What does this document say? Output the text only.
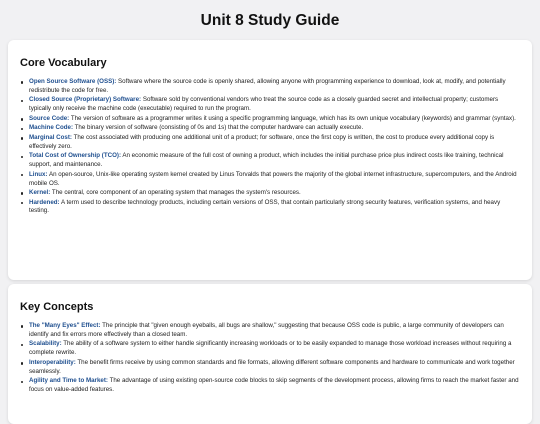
Unit 8 Study Guide
Core Vocabulary
Open Source Software (OSS): Software where the source code is openly shared, allowing anyone with programming experience to download, look at, modify, and potentially redistribute the code for free.
Closed Source (Proprietary) Software: Software sold by conventional vendors who treat the source code as a closely guarded secret and intellectual property; customers typically only receive the machine code (executable) required to run the program.
Source Code: The version of software as a programmer writes it using a specific programming language, which has its own unique vocabulary (keywords) and grammar (syntax).
Machine Code: The binary version of software (consisting of 0s and 1s) that the computer hardware can actually execute.
Marginal Cost: The cost associated with producing one additional unit of a product; for software, once the first copy is written, the cost to produce every additional copy is effectively zero.
Total Cost of Ownership (TCO): An economic measure of the full cost of owning a product, which includes the initial purchase price plus indirect costs like training, technical support, and maintenance.
Linux: An open-source, Unix-like operating system kernel created by Linus Torvalds that powers the majority of the global internet infrastructure, supercomputers, and the Android mobile OS.
Kernel: The central, core component of an operating system that manages the system's resources.
Hardened: A term used to describe technology products, including certain versions of OSS, that contain particularly strong security features, verification systems, and heavy testing.
Key Concepts
The "Many Eyes" Effect: The principle that "given enough eyeballs, all bugs are shallow," suggesting that because OSS code is public, a large community of developers can identify and fix errors more effectively than a closed team.
Scalability: The ability of a software system to either handle significantly increasing workloads or to be easily expanded to manage those workload increases without requiring a complete rewrite.
Interoperability: The benefit firms receive by using common standards and file formats, allowing different software components and hardware to communicate and work together seamlessly.
Agility and Time to Market: The advantage of using existing open-source code blocks to skip segments of the development process, allowing firms to reach the market faster and focus on value-added features.
